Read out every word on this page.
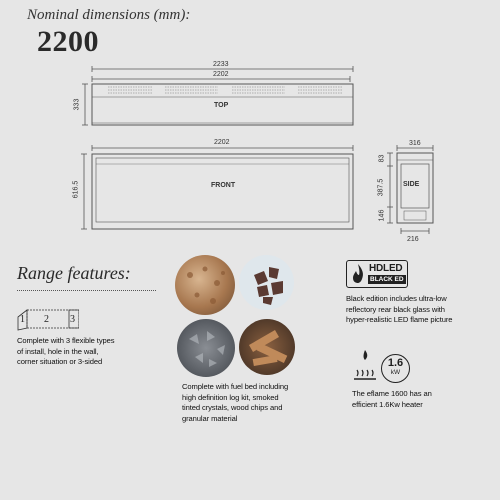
Nominal dimensions (mm):
2200
2233
2202
TOP
333
2202
FRONT
616.5
316
SIDE
83
387.5
146
216
Range features:
1 2 3
Complete with 3 flexible types
of install, hole in the wall,
corner situation or 3-sided
Complete with fuel bed including
high definition log kit, smoked
tinted crystals, wood chips and
granular material
HDLED
BLACK ED
Black edition includes ultra-low
reflectory rear black glass with
hyper-realistic LED flame picture
1.6
kW
The eflame 1600 has an
efficient 1.6Kw heater
